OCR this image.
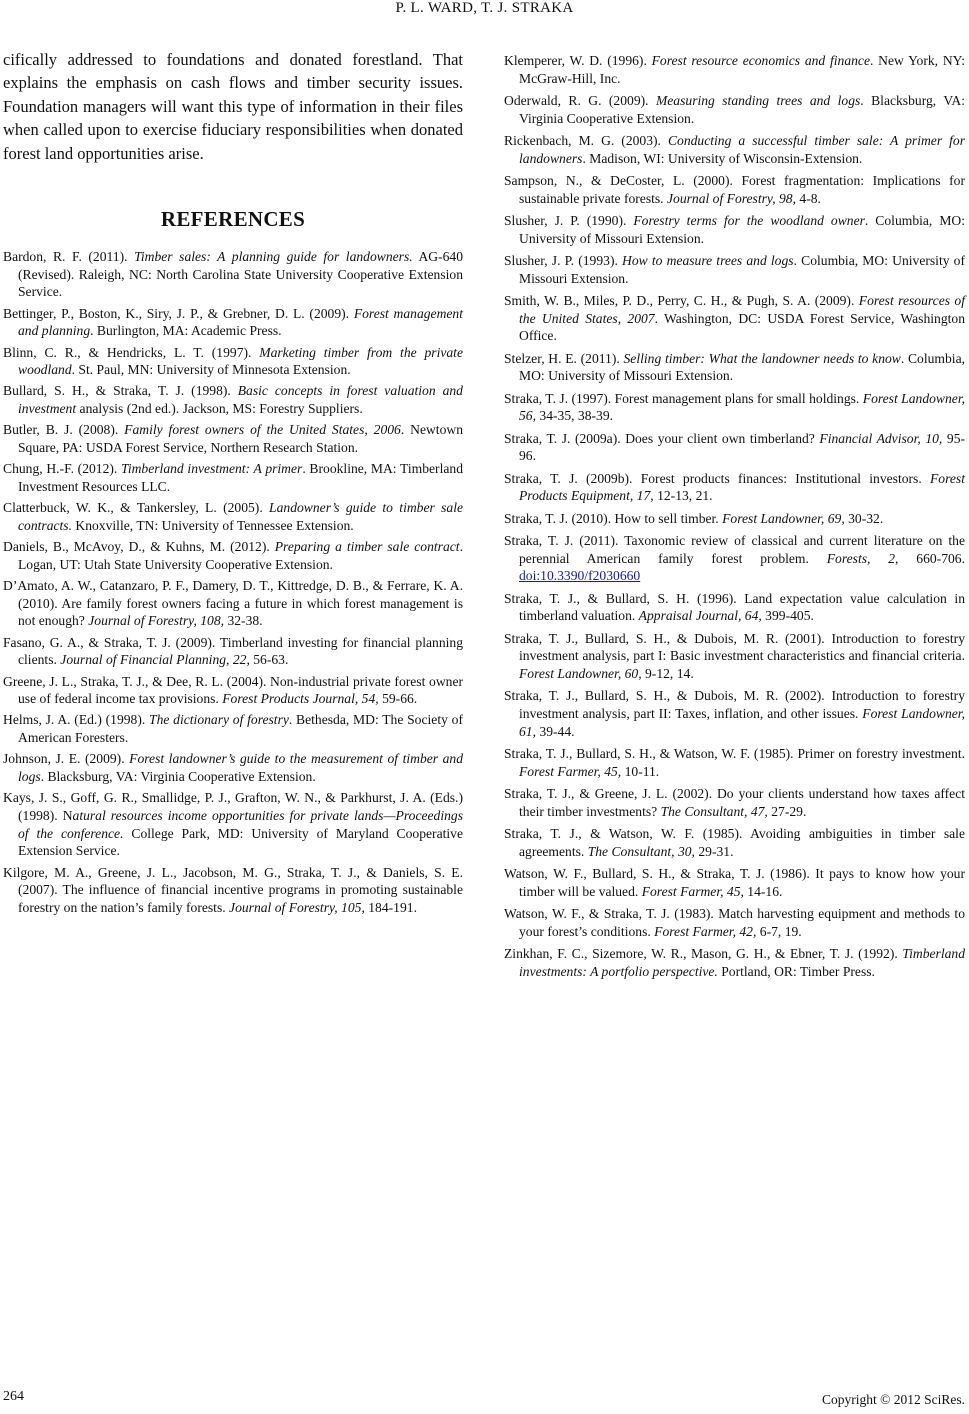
P. L. WARD, T. J. STRAKA

cifically addressed to foundations and donated forestland. That explains the emphasis on cash flows and timber security issues. Foundation managers will want this type of information in their files when called upon to exercise fiduciary responsibilities when donated forest land opportunities arise.

REFERENCES
Bardon, R. F. (2011). Timber sales: A planning guide for landowners. AG-640 (Revised). Raleigh, NC: North Carolina State University Cooperative Extension Service.
Bettinger, P., Boston, K., Siry, J. P., & Grebner, D. L. (2009). Forest management and planning. Burlington, MA: Academic Press.
Blinn, C. R., & Hendricks, L. T. (1997). Marketing timber from the private woodland. St. Paul, MN: University of Minnesota Extension.
Bullard, S. H., & Straka, T. J. (1998). Basic concepts in forest valuation and investment analysis (2nd ed.). Jackson, MS: Forestry Suppliers.
Butler, B. J. (2008). Family forest owners of the United States, 2006. Newtown Square, PA: USDA Forest Service, Northern Research Station.
Chung, H.-F. (2012). Timberland investment: A primer. Brookline, MA: Timberland Investment Resources LLC.
Clatterbuck, W. K., & Tankersley, L. (2005). Landowner’s guide to timber sale contracts. Knoxville, TN: University of Tennessee Extension.
Daniels, B., McAvoy, D., & Kuhns, M. (2012). Preparing a timber sale contract. Logan, UT: Utah State University Cooperative Extension.
D’Amato, A. W., Catanzaro, P. F., Damery, D. T., Kittredge, D. B., & Ferrare, K. A. (2010). Are family forest owners facing a future in which forest management is not enough? Journal of Forestry, 108, 32-38.
Fasano, G. A., & Straka, T. J. (2009). Timberland investing for financial planning clients. Journal of Financial Planning, 22, 56-63.
Greene, J. L., Straka, T. J., & Dee, R. L. (2004). Non-industrial private forest owner use of federal income tax provisions. Forest Products Journal, 54, 59-66.
Helms, J. A. (Ed.) (1998). The dictionary of forestry. Bethesda, MD: The Society of American Foresters.
Johnson, J. E. (2009). Forest landowner’s guide to the measurement of timber and logs. Blacksburg, VA: Virginia Cooperative Extension.
Kays, J. S., Goff, G. R., Smallidge, P. J., Grafton, W. N., & Parkhurst, J. A. (Eds.) (1998). Natural resources income opportunities for private lands—Proceedings of the conference. College Park, MD: University of Maryland Cooperative Extension Service.
Kilgore, M. A., Greene, J. L., Jacobson, M. G., Straka, T. J., & Daniels, S. E. (2007). The influence of financial incentive programs in promoting sustainable forestry on the nation’s family forests. Journal of Forestry, 105, 184-191.
Klemperer, W. D. (1996). Forest resource economics and finance. New York, NY: McGraw-Hill, Inc.
Oderwald, R. G. (2009). Measuring standing trees and logs. Blacksburg, VA: Virginia Cooperative Extension.
Rickenbach, M. G. (2003). Conducting a successful timber sale: A primer for landowners. Madison, WI: University of Wisconsin-Extension.
Sampson, N., & DeCoster, L. (2000). Forest fragmentation: Implications for sustainable private forests. Journal of Forestry, 98, 4-8.
Slusher, J. P. (1990). Forestry terms for the woodland owner. Columbia, MO: University of Missouri Extension.
Slusher, J. P. (1993). How to measure trees and logs. Columbia, MO: University of Missouri Extension.
Smith, W. B., Miles, P. D., Perry, C. H., & Pugh, S. A. (2009). Forest resources of the United States, 2007. Washington, DC: USDA Forest Service, Washington Office.
Stelzer, H. E. (2011). Selling timber: What the landowner needs to know. Columbia, MO: University of Missouri Extension.
Straka, T. J. (1997). Forest management plans for small holdings. Forest Landowner, 56, 34-35, 38-39.
Straka, T. J. (2009a). Does your client own timberland? Financial Advisor, 10, 95-96.
Straka, T. J. (2009b). Forest products finances: Institutional investors. Forest Products Equipment, 17, 12-13, 21.
Straka, T. J. (2010). How to sell timber. Forest Landowner, 69, 30-32.
Straka, T. J. (2011). Taxonomic review of classical and current literature on the perennial American family forest problem. Forests, 2, 660-706. doi:10.3390/f2030660
Straka, T. J., & Bullard, S. H. (1996). Land expectation value calculation in timberland valuation. Appraisal Journal, 64, 399-405.
Straka, T. J., Bullard, S. H., & Dubois, M. R. (2001). Introduction to forestry investment analysis, part I: Basic investment characteristics and financial criteria. Forest Landowner, 60, 9-12, 14.
Straka, T. J., Bullard, S. H., & Dubois, M. R. (2002). Introduction to forestry investment analysis, part II: Taxes, inflation, and other issues. Forest Landowner, 61, 39-44.
Straka, T. J., Bullard, S. H., & Watson, W. F. (1985). Primer on forestry investment. Forest Farmer, 45, 10-11.
Straka, T. J., & Greene, J. L. (2002). Do your clients understand how taxes affect their timber investments? The Consultant, 47, 27-29.
Straka, T. J., & Watson, W. F. (1985). Avoiding ambiguities in timber sale agreements. The Consultant, 30, 29-31.
Watson, W. F., Bullard, S. H., & Straka, T. J. (1986). It pays to know how your timber will be valued. Forest Farmer, 45, 14-16.
Watson, W. F., & Straka, T. J. (1983). Match harvesting equipment and methods to your forest’s conditions. Forest Farmer, 42, 6-7, 19.
Zinkhan, F. C., Sizemore, W. R., Mason, G. H., & Ebner, T. J. (1992). Timberland investments: A portfolio perspective. Portland, OR: Timber Press.
264	Copyright © 2012 SciRes.
